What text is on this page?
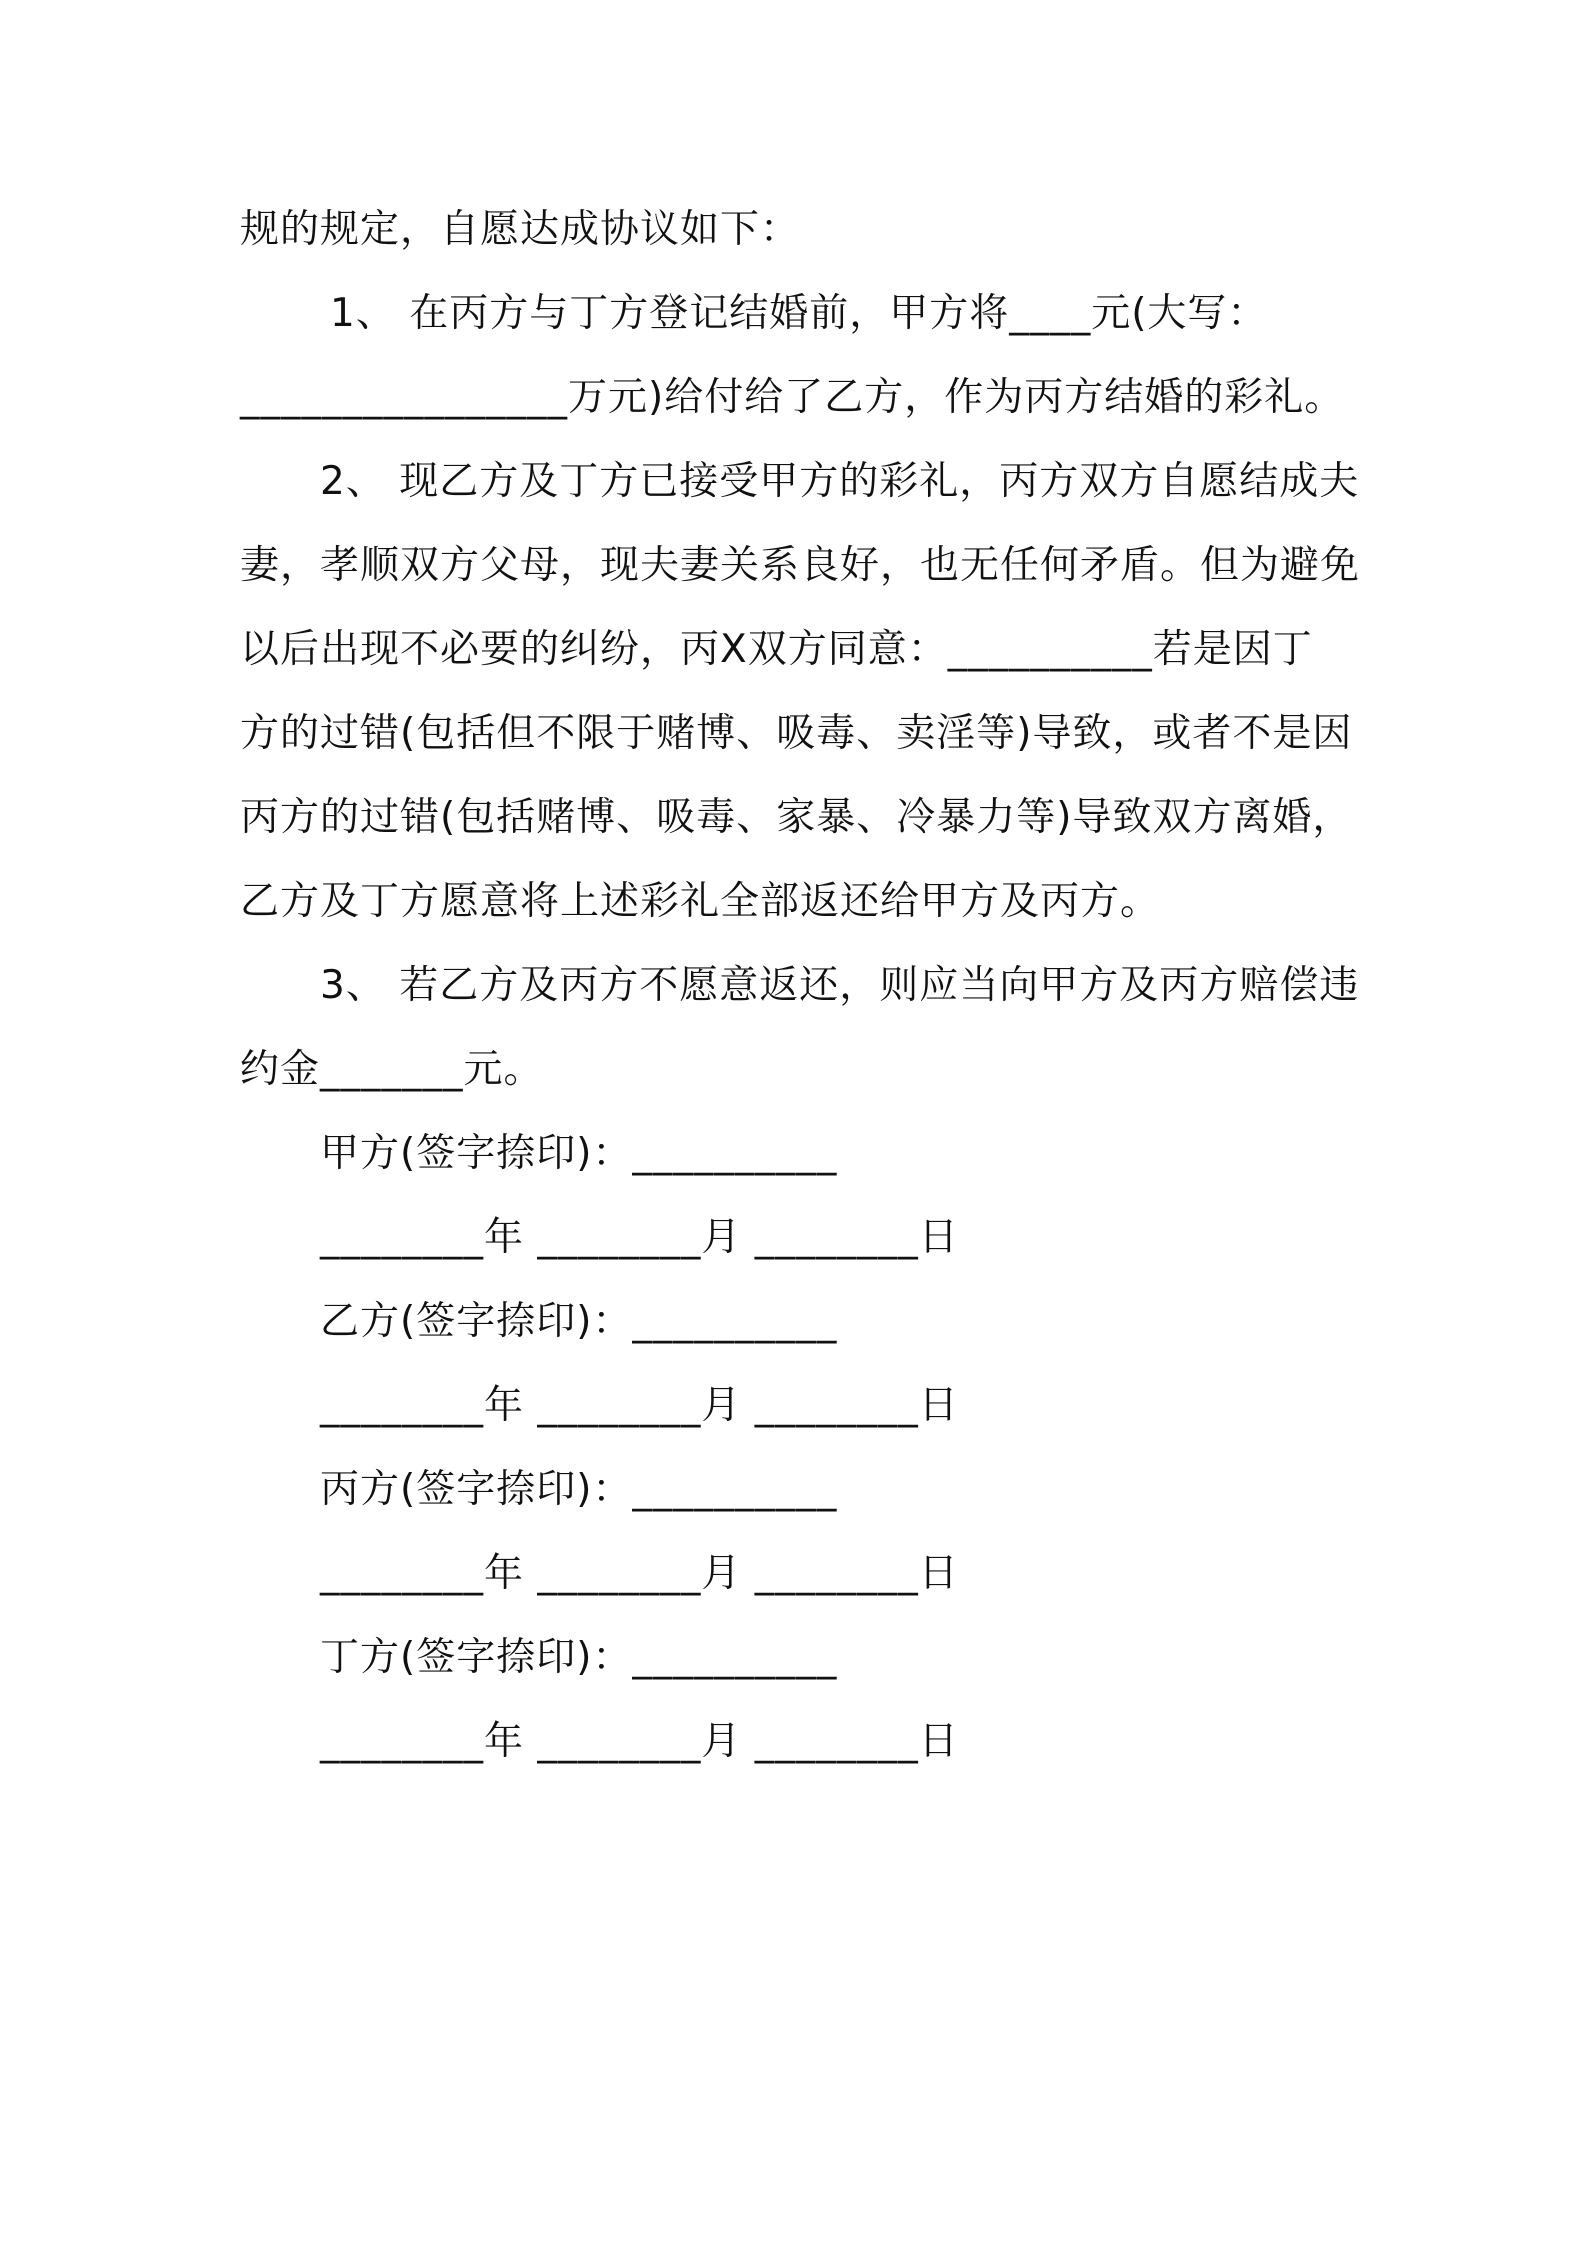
规的规定，自愿达成协议如下：
1、 在丙方与丁方登记结婚前，甲方将____元(大写：
________________万元)给付给了乙方，作为丙方结婚的彩礼。
2、 现乙方及丁方已接受甲方的彩礼，丙方双方自愿结成夫
妻，孝顺双方父母，现夫妻关系良好，也无任何矛盾。但为避免
以后出现不必要的纠纷，丙X双方同意：__________若是因丁
方的过错(包括但不限于赌博、吸毒、卖淫等)导致，或者不是因
丙方的过错(包括赌博、吸毒、家暴、冷暴力等)导致双方离婚，
乙方及丁方愿意将上述彩礼全部返还给甲方及丙方。
3、 若乙方及丙方不愿意返还，则应当向甲方及丙方赔偿违
约金_______元。
甲方(签字捺印)：__________
________年 ________月 ________日
乙方(签字捺印)：__________
________年 ________月 ________日
丙方(签字捺印)：__________
________年 ________月 ________日
丁方(签字捺印)：__________
________年 ________月 ________日
